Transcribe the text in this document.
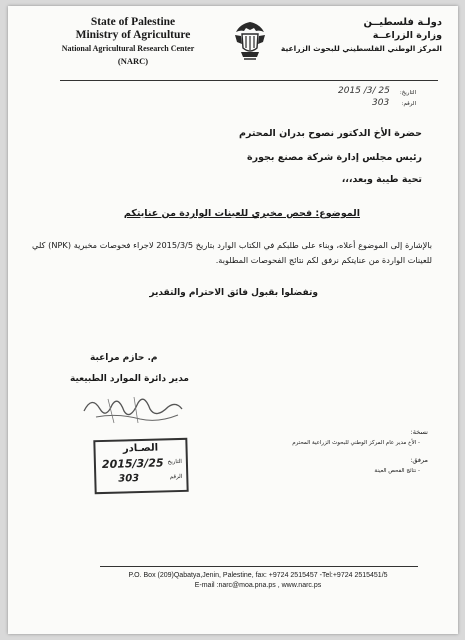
State of Palestine
Ministry of Agriculture
National Agricultural Research Center
(NARC)
دولـة فلسطيــن
وزارة الزراعــة
المركز الوطني الفلسطيني للبحوث الزراعية
التاريخ:
2015 /3/ 25
الرقم:
303
حضرة الأخ الدكتور نصوح بدران المحترم
رئيس مجلس إدارة شركة مصنع بجورة
تحية طيبة وبعد،،،
الموضوع: فحص مخبري للعينات الواردة من عنايتكم
بالإشارة إلى الموضوع أعلاه، وبناء على طلبكم في الكتاب الوارد بتاريخ 2015/3/5 لاجراء فحوصات مخبرية (NPK) كلي للعينات الواردة من عنايتكم نرفق لكم نتائج الفحوصات المطلوبة.
وتفضلوا بقبول فائق الاحترام والتقدير
م. حازم مراعبة
مدير دائرة الموارد الطبيعية
الصـادر
2015/3/25 التاريخ
303	الرقم
نسخة:
- الأخ مدير عام المركز الوطني للبحوث الزراعية المحترم
مرفق:
- نتائج الفحص العينة
P.O. Box (209)Qabatya,Jenin, Palestine, fax: +9724 2515457 -Tel:+9724 2515451/5
E-mail :narc@moa.pna.ps , www.narc.ps
